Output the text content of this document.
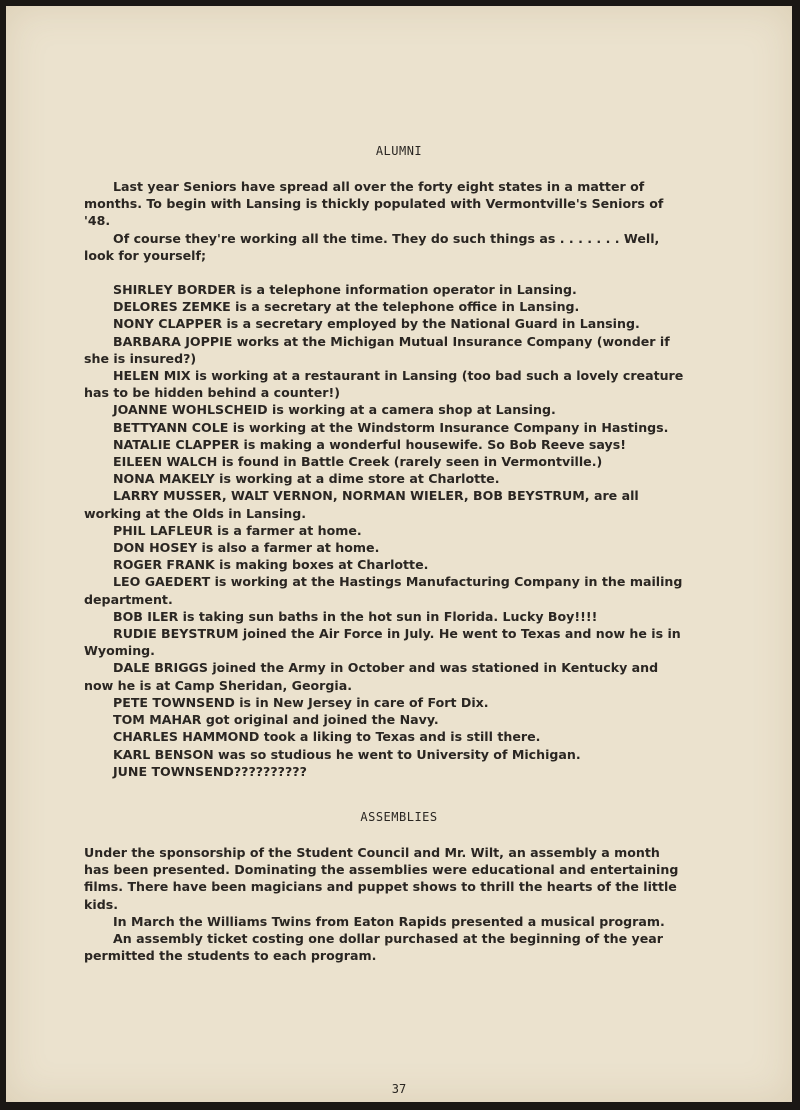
ALUMNI

Last year Seniors have spread all over the forty eight states in a matter of months. To begin with Lansing is thickly populated with Vermontville's Seniors of '48.

Of course they're working all the time. They do such things as . . . . . . . Well, look for yourself;

SHIRLEY BORDER is a telephone information operator in Lansing.

DELORES ZEMKE is a secretary at the telephone office in Lansing.

NONY CLAPPER is a secretary employed by the National Guard in Lansing.

BARBARA JOPPIE works at the Michigan Mutual Insurance Company (wonder if she is insured?)

HELEN MIX is working at a restaurant in Lansing (too bad such a lovely creature has to be hidden behind a counter!)

JOANNE WOHLSCHEID is working at a camera shop at Lansing.

BETTYANN COLE is working at the Windstorm Insurance Company in Hastings.

NATALIE CLAPPER is making a wonderful housewife. So Bob Reeve says!

EILEEN WALCH is found in Battle Creek (rarely seen in Vermontville.)

NONA MAKELY is working at a dime store at Charlotte.

LARRY MUSSER, WALT VERNON, NORMAN WIELER, BOB BEYSTRUM, are all working at the Olds in Lansing.

PHIL LAFLEUR is a farmer at home.

DON HOSEY is also a farmer at home.

ROGER FRANK is making boxes at Charlotte.

LEO GAEDERT is working at the Hastings Manufacturing Company in the mailing department.

BOB ILER is taking sun baths in the hot sun in Florida. Lucky Boy!!!!

RUDIE BEYSTRUM joined the Air Force in July. He went to Texas and now he is in Wyoming.

DALE BRIGGS joined the Army in October and was stationed in Kentucky and now he is at Camp Sheridan, Georgia.

PETE TOWNSEND is in New Jersey in care of Fort Dix.

TOM MAHAR got original and joined the Navy.

CHARLES HAMMOND took a liking to Texas and is still there.

KARL BENSON was so studious he went to University of Michigan.

JUNE TOWNSEND??????????

ASSEMBLIES

Under the sponsorship of the Student Council and Mr. Wilt, an assembly a month has been presented. Dominating the assemblies were educational and entertaining films. There have been magicians and puppet shows to thrill the hearts of the little kids.

In March the Williams Twins from Eaton Rapids presented a musical program.

An assembly ticket costing one dollar purchased at the beginning of the year permitted the students to each program.

37
